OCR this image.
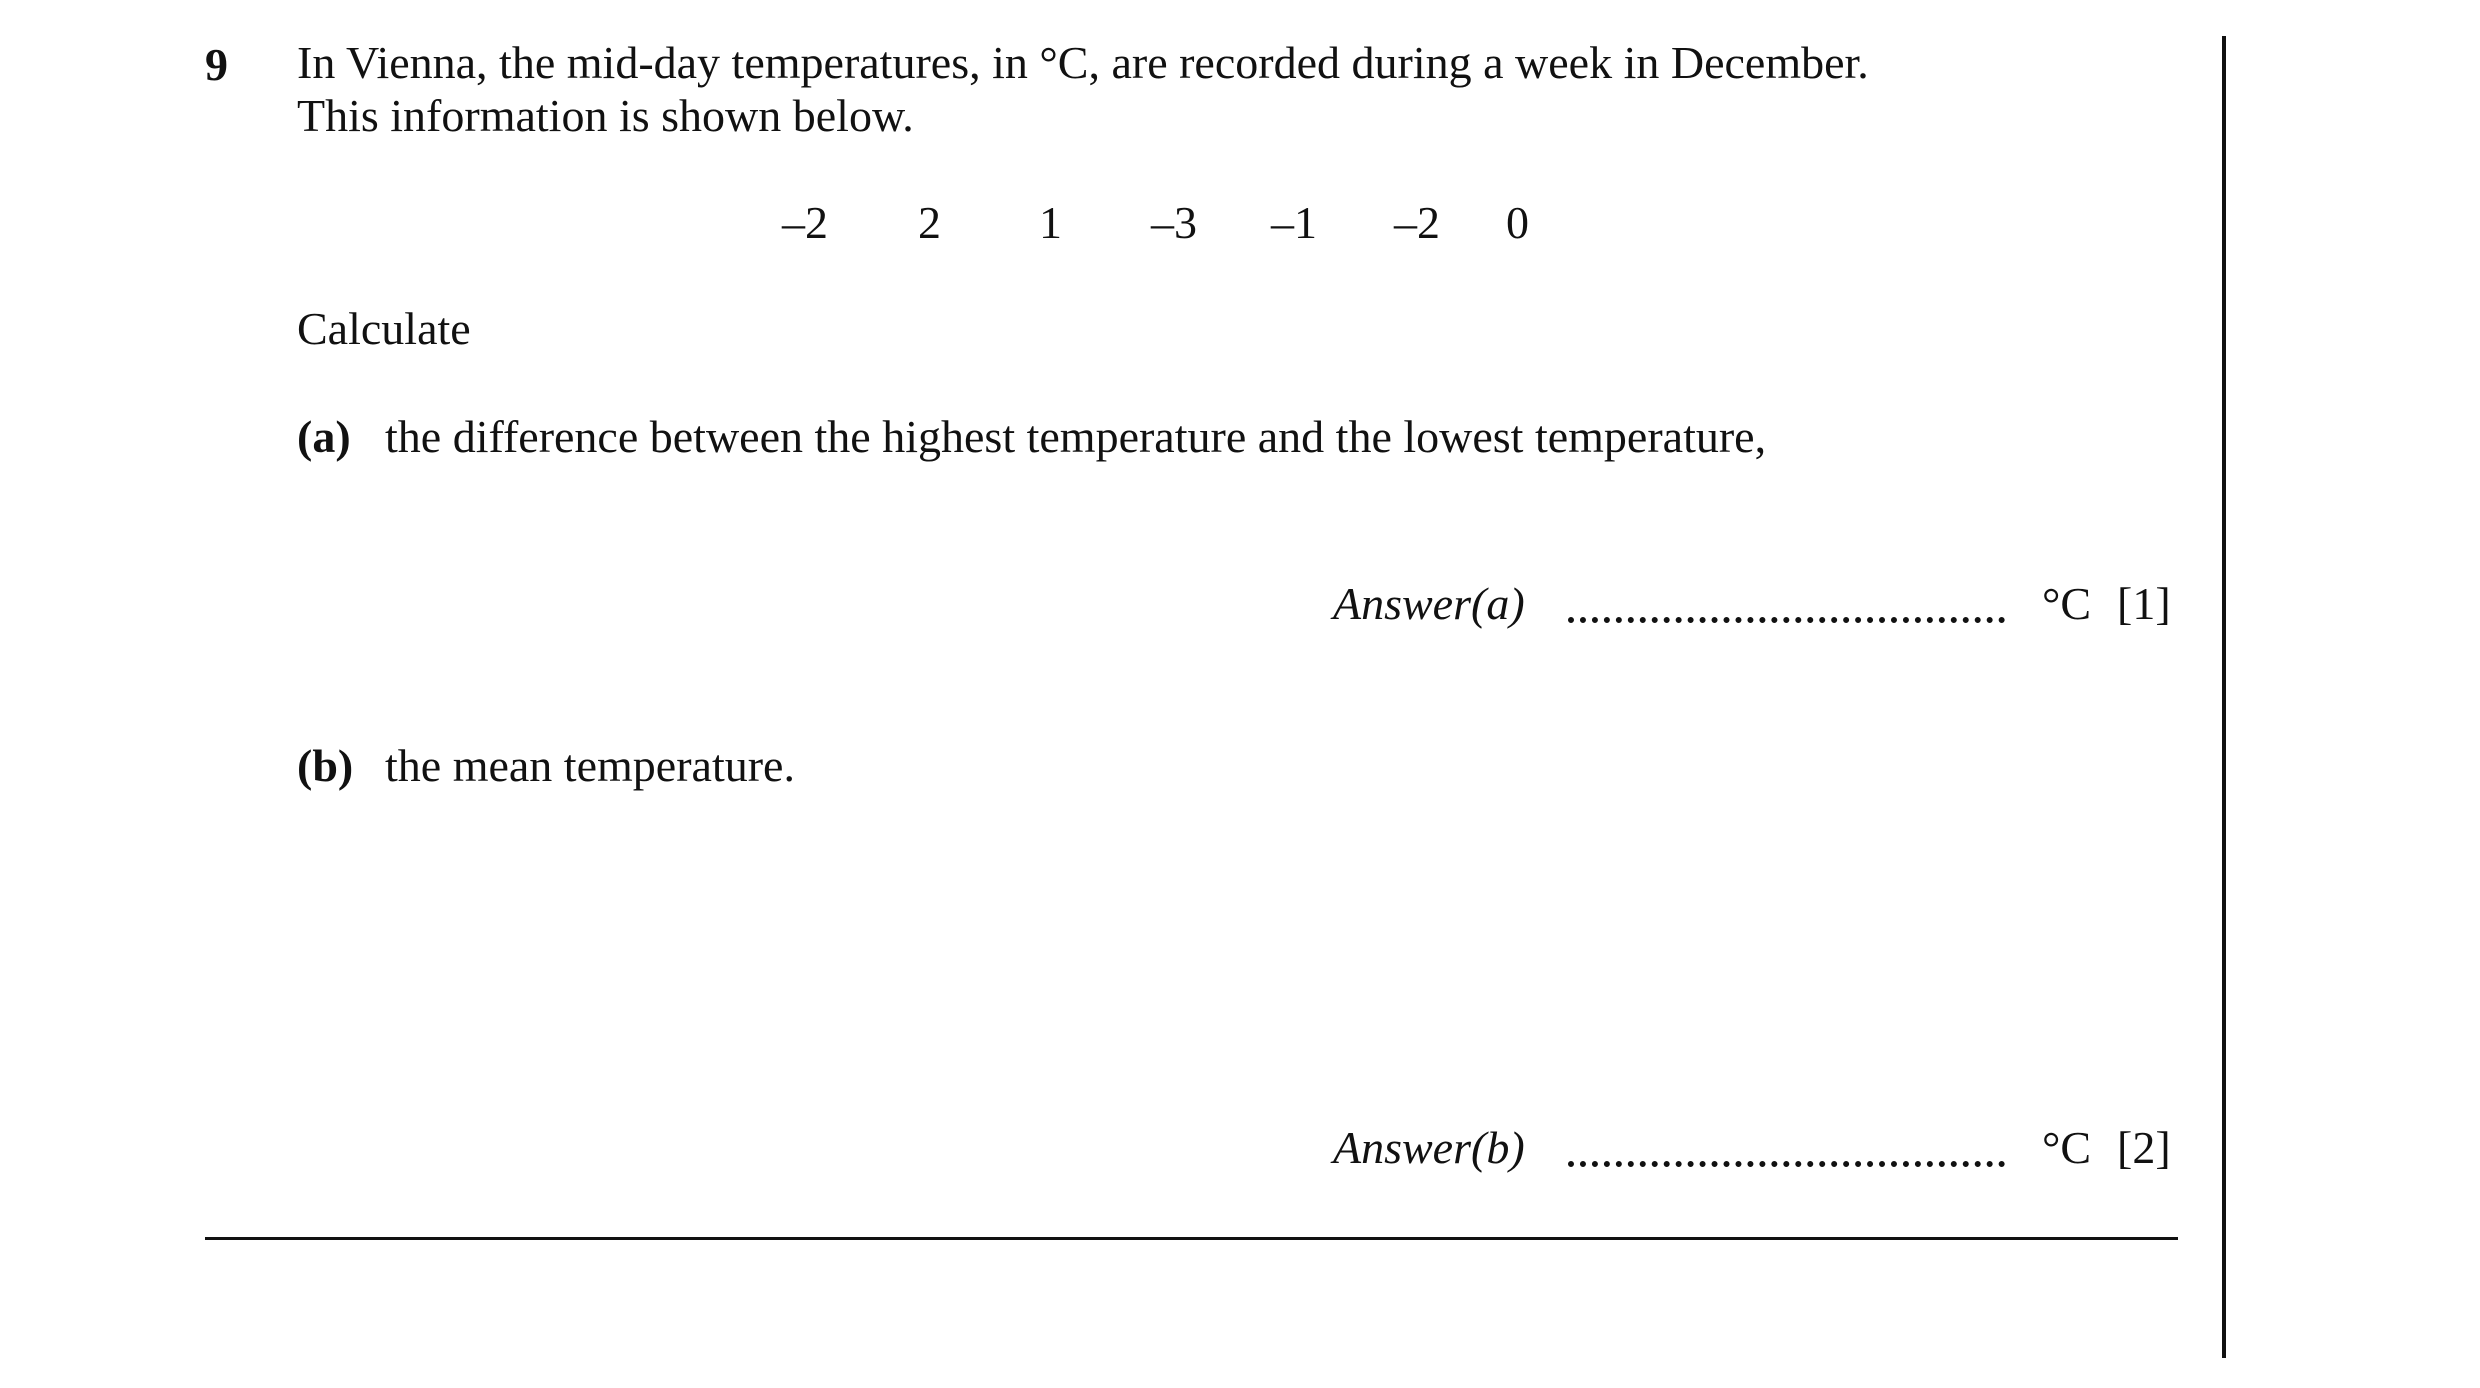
9 In Vienna, the mid-day temperatures, in °C, are recorded during a week in December.
This information is shown below.
–2 2 1 –3 –1 –2 0
Calculate
(a) the difference between the highest temperature and the lowest temperature,
Answer(a)	°C [1]
(b) the mean temperature.
Answer(b)	°C [2]
